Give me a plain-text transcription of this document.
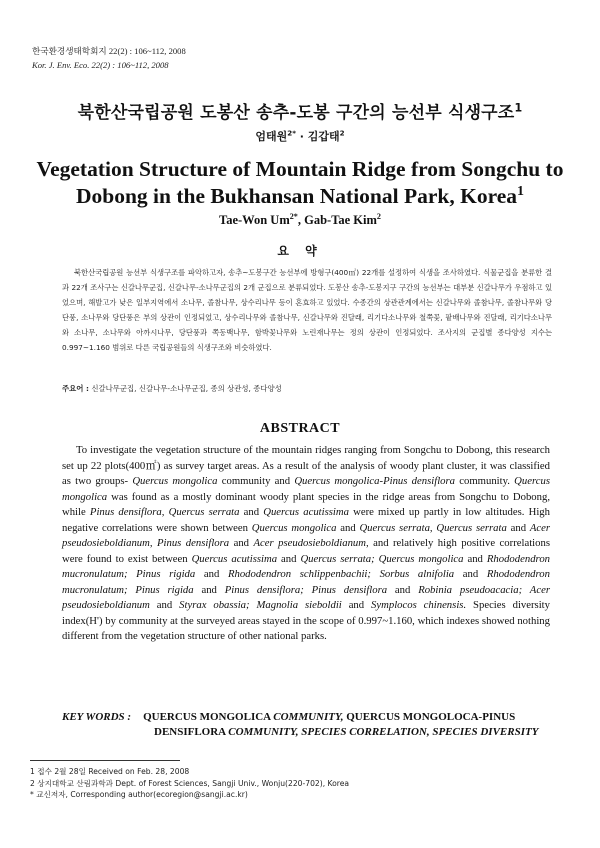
한국환경생태학회지 22(2) : 106~112, 2008
Kor. J. Env. Eco. 22(2) : 106~112, 2008
북한산국립공원 도봉산 송추-도봉 구간의 능선부 식생구조$^1$
엄태원$^{2*}$ · 김갑태$^2$
Vegetation Structure of Mountain Ridge from Songchu to
Dobong in the Bukhansan National Park, Korea$^1$
Tae-Won $Um^{2*}$, Gab-Tae Kim$^2$
요 약
북한산국립공원 능선부 식생구조를 파악하고자, 송추~도봉구간 능선부에 방형구(400㎡) 22개를 설정하여 식생을 조사하였다. 식물군집을 분류한 결과 22개 조사구는 신갈나무군집, 신갈나무-소나무군집의 2개 군집으로 분류되었다. 도봉산 송추-도봉지구 구간의 능선부는 대부분 신갈나무가 우점하고 있었으며, 해발고가 낮은 일부지역에서 소나무, 졸참나무, 상수리나무 등이 혼효하고 있었다. 수종간의 상관관계에서는 신갈나무와 졸참나무, 졸참나무와 당단풍, 소나무와 당단풍은 부의 상관이 인정되었고, 상수리나무와 졸참나무, 신갈나무와 진달래, 리기다소나무와 철쭉꽃, 팥배나무와 진달래, 리기다소나무와 소나무, 소나무와 아까시나무, 당단풍과 쪽동백나무, 함박꽃나무와 노린재나무는 정의 상관이 인정되었다. 조사지의 군집별 종다양성 지수는 0.997~1.160 범위로 다른 국립공원들의 식생구조와 비슷하였다.
주요어 : 신갈나무군집, 신갈나무-소나무군집, 종의 상관성, 종다양성
ABSTRACT
To investigate the vegetation structure of the mountain ridges ranging from Songchu to Dobong, this research set up 22 plots(400㎡) as survey target areas. As a result of the analysis of woody plant cluster, it was classified as two groups- Quercus mongolica community and Quercus mongolica-Pinus densiflora community. Quercus mongolica was found as a mostly dominant woody plant species in the ridge areas from Songchu to Dobong, while Pinus densiflora, Quercus serrata and Quercus acutissima were mixed up partly in low altitudes. High negative correlations were shown between Quercus mongolica and Quercus serrata, Quercus serrata and Acer pseudosieboldianum, Pinus densiflora and Acer pseudosieboldianum, and relatively high positive correlations were found to exist between Quercus acutissima and Quercus serrata; Quercus mongolica and Rhododendron mucronulatum; Pinus rigida and Rhododendron schlippenbachii; Sorbus alnifolia and Rhododendron mucronulatum; Pinus rigida and Pinus densiflora; Pinus densiflora and Robinia pseudoacacia; Acer pseudosieboldianum and Styrax obassia; Magnolia sieboldii and Symplocos chinensis. Species diversity index(H') by community at the surveyed areas stayed in the scope of 0.997~1.160, which indexes showed nothing different from the vegetation structure of other national parks.
KEY WORDS : QUERCUS MONGOLICA COMMUNITY, QUERCUS MONGOLOCA-PINUS
DENSIFLORA COMMUNITY, SPECIES CORRELATION, SPECIES DIVERSITY
1 접수 2월 28일 Received on Feb. 28, 2008
2 상지대학교 산림과학과 Dept. of Forest Sciences, Sangji Univ., Wonju(220-702), Korea
* 교신저자, Corresponding author(ecoregion@sangji.ac.kr)
